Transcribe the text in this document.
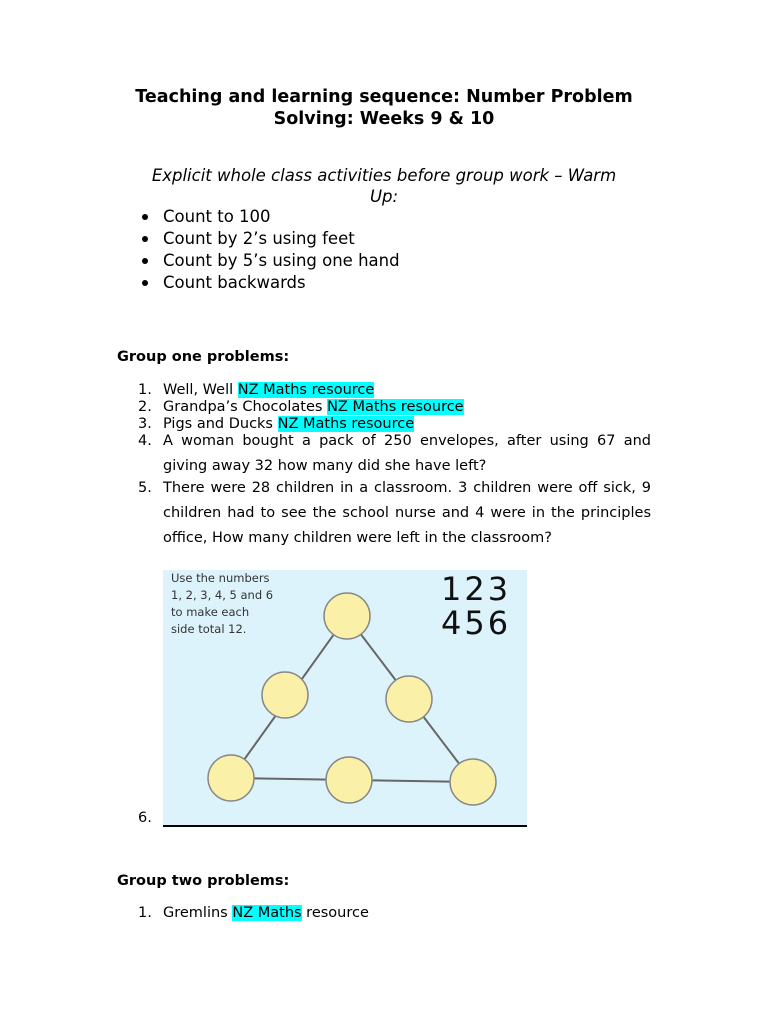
Teaching and learning sequence: Number Problem
Solving: Weeks 9 & 10
Explicit whole class activities before group work – Warm
Up:
Count to 100
Count by 2’s using feet
Count by 5’s using one hand
Count backwards
Group one problems:
1. Well, Well NZ Maths resource
2. Grandpa’s Chocolates NZ Maths resource
3. Pigs and Ducks NZ Maths resource
4. A woman bought a pack of 250 envelopes, after using 67 and giving away 32 how many did she have left?
5. There were 28 children in a classroom. 3 children were off sick, 9 children had to see the school nurse and 4 were in the principles office, How many children were left in the classroom?
Use the numbers
1, 2, 3, 4, 5 and 6
to make each
side total 12.
123
456
6.
Group two problems:
1. Gremlins NZ Maths resource
